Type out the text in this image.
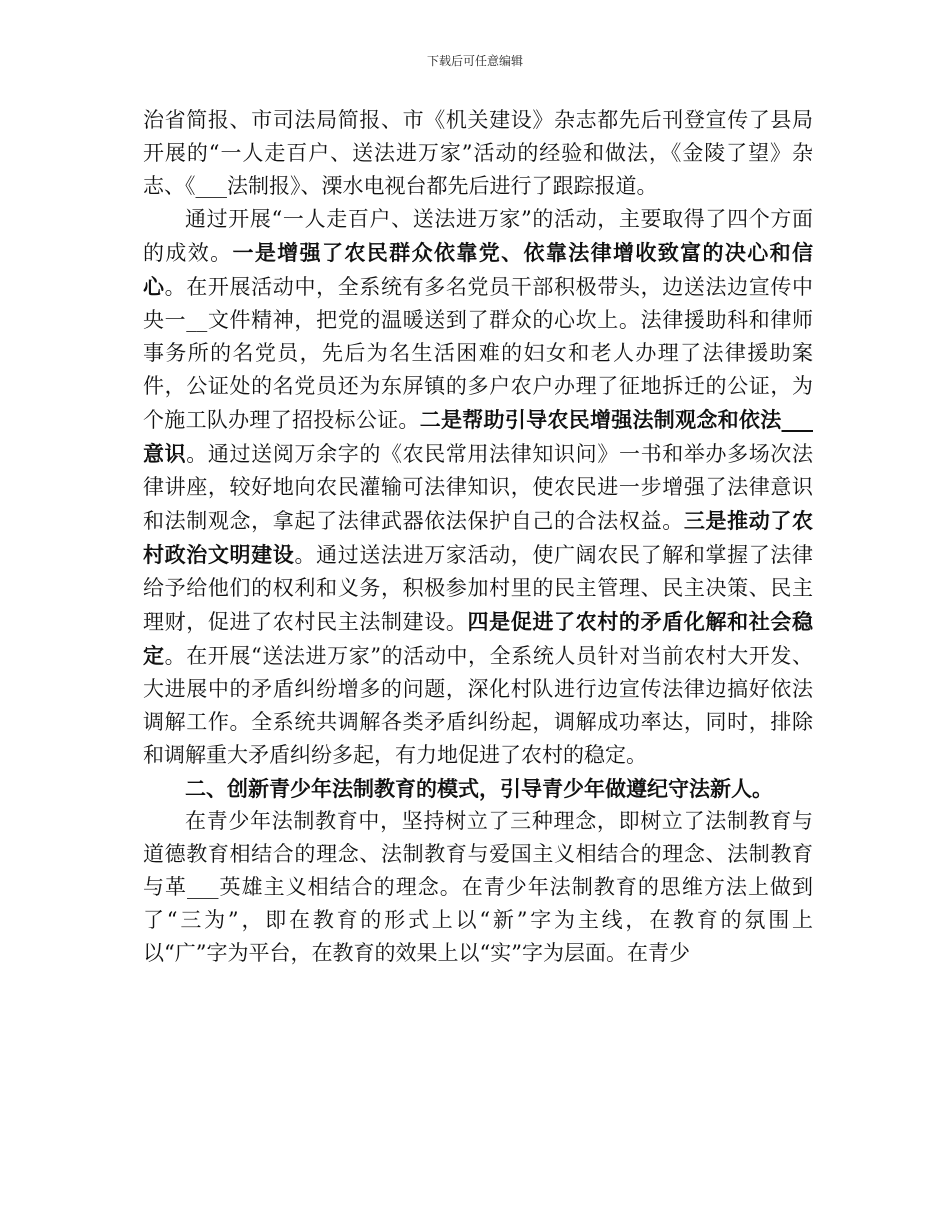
下载后可任意编辑

治省简报、市司法局简报、市《机关建设》杂志都先后刊登宣传了县局开展的“一人走百户、送法进万家”活动的经验和做法，《金陵了望》杂志、《___法制报》、溧水电视台都先后进行了跟踪报道。

通过开展“一人走百户、送法进万家”的活动，主要取得了四个方面的成效。一是增强了农民群众依靠党、依靠法律增收致富的决心和信心。在开展活动中，全系统有多名党员干部积极带头，边送法边宣传中央一__文件精神，把党的温暖送到了群众的心坎上。法律援助科和律师事务所的名党员，先后为名生活困难的妇女和老人办理了法律援助案件，公证处的名党员还为东屏镇的多户农户办理了征地拆迁的公证，为个施工队办理了招投标公证。二是帮助引导农民增强法制观念和依法___意识。通过送阅万余字的《农民常用法律知识问》一书和举办多场次法律讲座，较好地向农民灌输可法律知识，使农民进一步增强了法律意识和法制观念，拿起了法律武器依法保护自己的合法权益。三是推动了农村政治文明建设。通过送法进万家活动，使广阔农民了解和掌握了法律给予给他们的权利和义务，积极参加村里的民主管理、民主决策、民主理财，促进了农村民主法制建设。四是促进了农村的矛盾化解和社会稳定。在开展“送法进万家”的活动中，全系统人员针对当前农村大开发、大进展中的矛盾纠纷增多的问题，深化村队进行边宣传法律边搞好依法调解工作。全系统共调解各类矛盾纠纷起，调解成功率达，同时，排除和调解重大矛盾纠纷多起，有力地促进了农村的稳定。

二、创新青少年法制教育的模式，引导青少年做遵纪守法新人。

在青少年法制教育中，坚持树立了三种理念，即树立了法制教育与道德教育相结合的理念、法制教育与爱国主义相结合的理念、法制教育与革___英雄主义相结合的理念。在青少年法制教育的思维方法上做到了“三为”，即在教育的形式上以“新”字为主线，在教育的氛围上以“广”字为平台，在教育的效果上以“实”字为层面。在青少
